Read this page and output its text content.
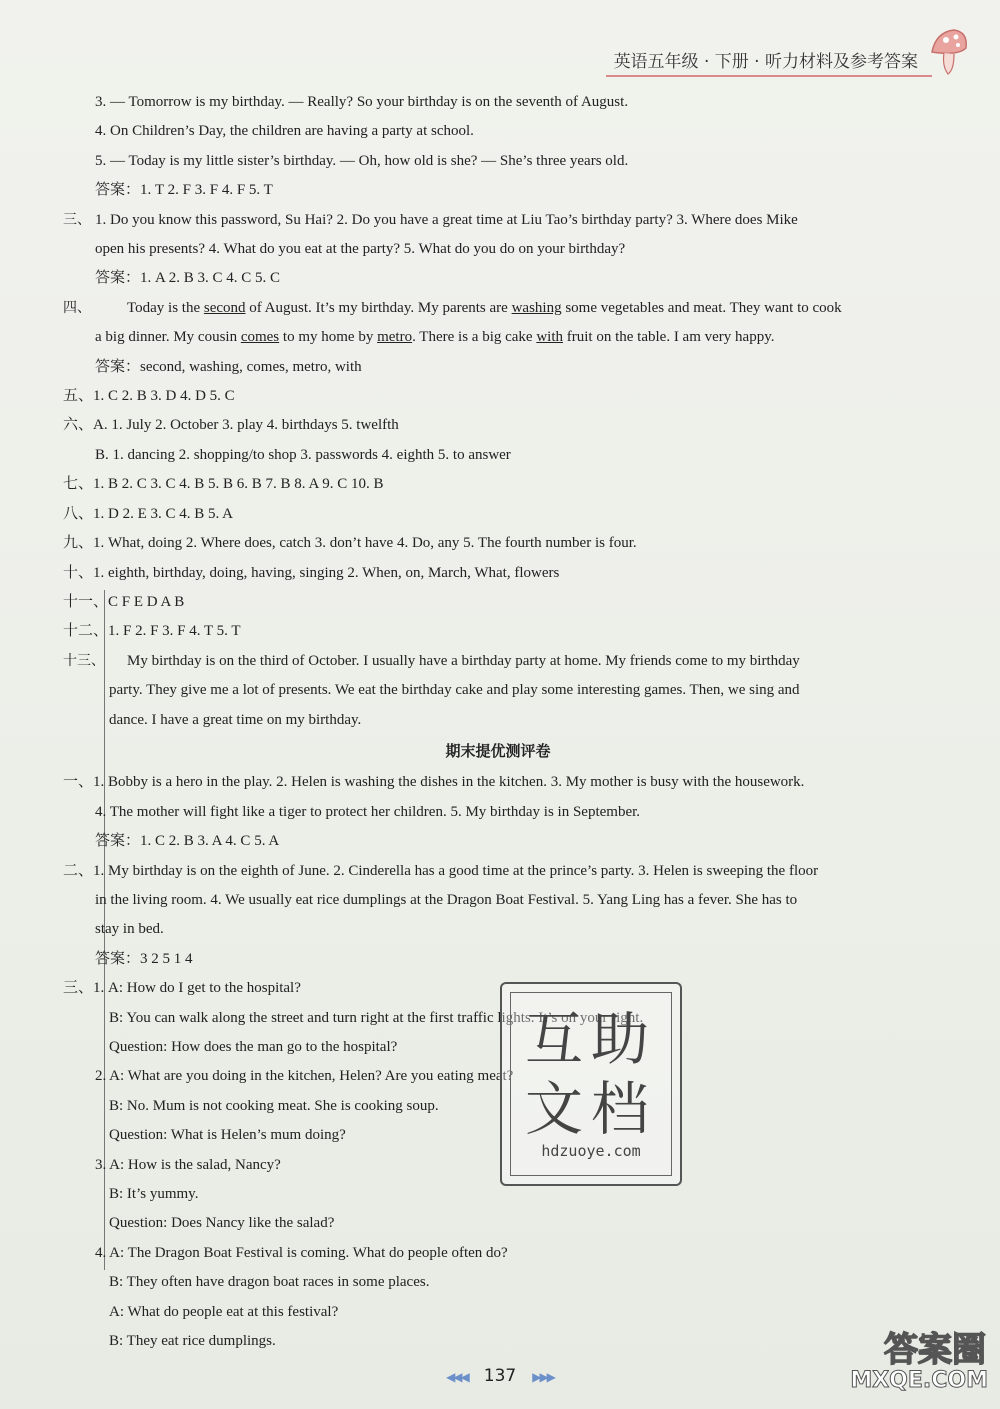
英语五年级 · 下册 · 听力材料及参考答案
3. — Tomorrow is my birthday. — Really? So your birthday is on the seventh of August.
4. On Children’s Day, the children are having a party at school.
5. — Today is my little sister’s birthday. — Oh, how old is she? — She’s three years old.
答案：1. T 2. F 3. F 4. F 5. T
三、 1. Do you know this password, Su Hai? 2. Do you have a great time at Liu Tao’s birthday party? 3. Where does Mike
open his presents? 4. What do you eat at the party? 5. What do you do on your birthday?
答案：1. A 2. B 3. C 4. C 5. C
四、 Today is the second of August. It’s my birthday. My parents are washing some vegetables and meat. They want to cook
a big dinner. My cousin comes to my home by metro. There is a big cake with fruit on the table. I am very happy.
答案：second, washing, comes, metro, with
五、1. C 2. B 3. D 4. D 5. C
六、A. 1. July 2. October 3. play 4. birthdays 5. twelfth
B. 1. dancing 2. shopping/to shop 3. passwords 4. eighth 5. to answer
七、1. B 2. C 3. C 4. B 5. B 6. B 7. B 8. A 9. C 10. B
八、1. D 2. E 3. C 4. B 5. A
九、1. What, doing 2. Where does, catch 3. don’t have 4. Do, any 5. The fourth number is four.
十、1. eighth, birthday, doing, having, singing 2. When, on, March, What, flowers
十一、C F E D A B
十二、1. F 2. F 3. F 4. T 5. T
十三、 My birthday is on the third of October. I usually have a birthday party at home. My friends come to my birthday
party. They give me a lot of presents. We eat the birthday cake and play some interesting games. Then, we sing and
dance. I have a great time on my birthday.
期末提优测评卷
一、1. Bobby is a hero in the play. 2. Helen is washing the dishes in the kitchen. 3. My mother is busy with the housework.
4. The mother will fight like a tiger to protect her children. 5. My birthday is in September.
答案：1. C 2. B 3. A 4. C 5. A
二、1. My birthday is on the eighth of June. 2. Cinderella has a good time at the prince’s party. 3. Helen is sweeping the floor
in the living room. 4. We usually eat rice dumplings at the Dragon Boat Festival. 5. Yang Ling has a fever. She has to
stay in bed.
答案：3 2 5 1 4
三、1. A: How do I get to the hospital?
B: You can walk along the street and turn right at the first traffic lights. It’s on your right.
Question: How does the man go to the hospital?
2. A: What are you doing in the kitchen, Helen? Are you eating meat?
B: No. Mum is not cooking meat. She is cooking soup.
Question: What is Helen’s mum doing?
3. A: How is the salad, Nancy?
B: It’s yummy.
Question: Does Nancy like the salad?
4. A: The Dragon Boat Festival is coming. What do people often do?
B: They often have dragon boat races in some places.
A: What do people eat at this festival?
B: They eat rice dumplings.
互助文档
hdzuoye.com
◀◀◀ 137 ▶▶▶
答案圈
MXQE.COM
